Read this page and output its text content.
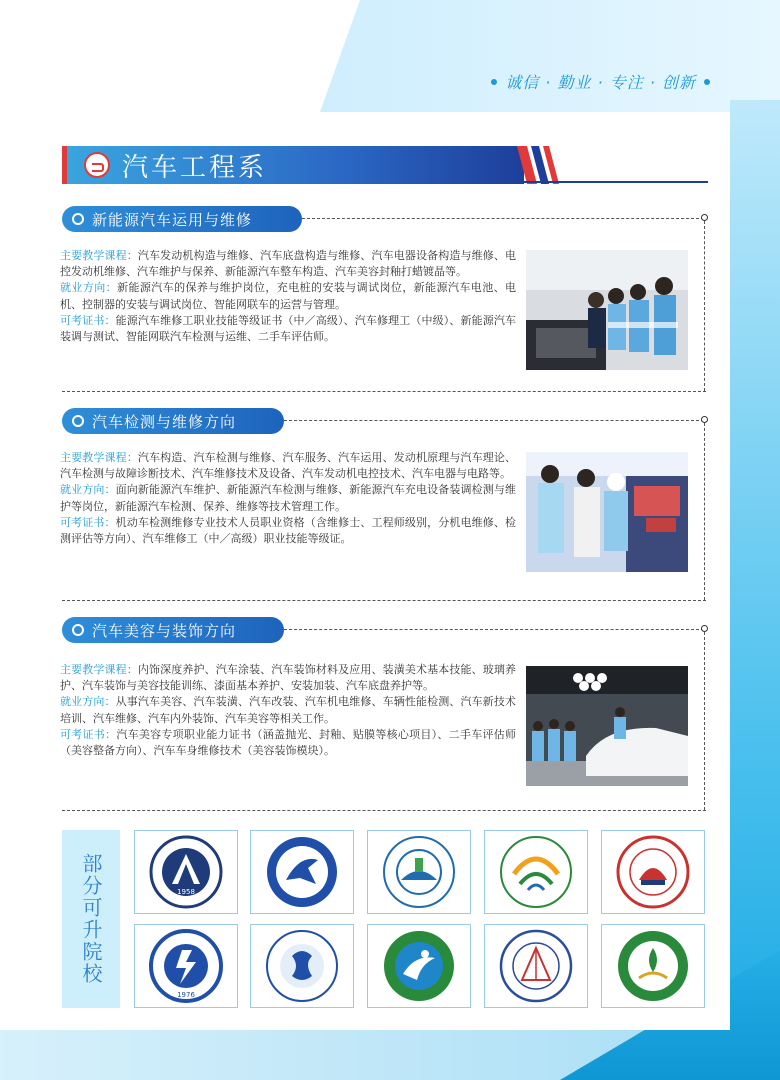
诚信 · 勤业 · 专注 · 创新
汽车工程系
新能源汽车运用与维修

主要教学课程：汽车发动机构造与维修、汽车底盘构造与维修、汽车电器设备构造与维修、电控发动机维修、汽车维护与保养、新能源汽车整车构造、汽车美容封釉打蜡镀晶等。

就业方向：新能源汽车的保养与维护岗位，充电桩的安装与调试岗位，新能源汽车电池、电机、控制器的安装与调试岗位、智能网联车的运营与管理。

可考证书：能源汽车维修工职业技能等级证书（中／高级）、汽车修理工（中级）、新能源汽车装调与测试、智能网联汽车检测与运维、二手车评估师。

汽车检测与维修方向

主要教学课程：汽车构造、汽车检测与维修、汽车服务、汽车运用、发动机原理与汽车理论、汽车检测与故障诊断技术、汽车维修技术及设备、汽车发动机电控技术、汽车电器与电路等。

就业方向：面向新能源汽车维护、新能源汽车检测与维修、新能源汽车充电设备装调检测与维护等岗位，新能源汽车检测、保养、维修等技术管理工作。

可考证书：机动车检测维修专业技术人员职业资格（含维修士、工程师级别，分机电维修、检测评估等方向）、汽车维修工（中／高级）职业技能等级证。

汽车美容与装饰方向

主要教学课程：内饰深度养护、汽车涂装、汽车装饰材料及应用、装潢美术基本技能、玻璃养护、汽车装饰与美容技能训练、漆面基本养护、安装加装、汽车底盘养护等。

就业方向：从事汽车美容、汽车装潢、汽车改装、汽车机电维修、车辆性能检测、汽车新技术培训、汽车维修、汽车内外装饰、汽车美容等相关工作。

可考证书：汽车美容专项职业能力证书（涵盖抛光、封釉、贴膜等核心项目）、二手车评估师（美容整备方向）、汽车车身维修技术（美容装饰模块）。

部分可升院校	1958
1976
